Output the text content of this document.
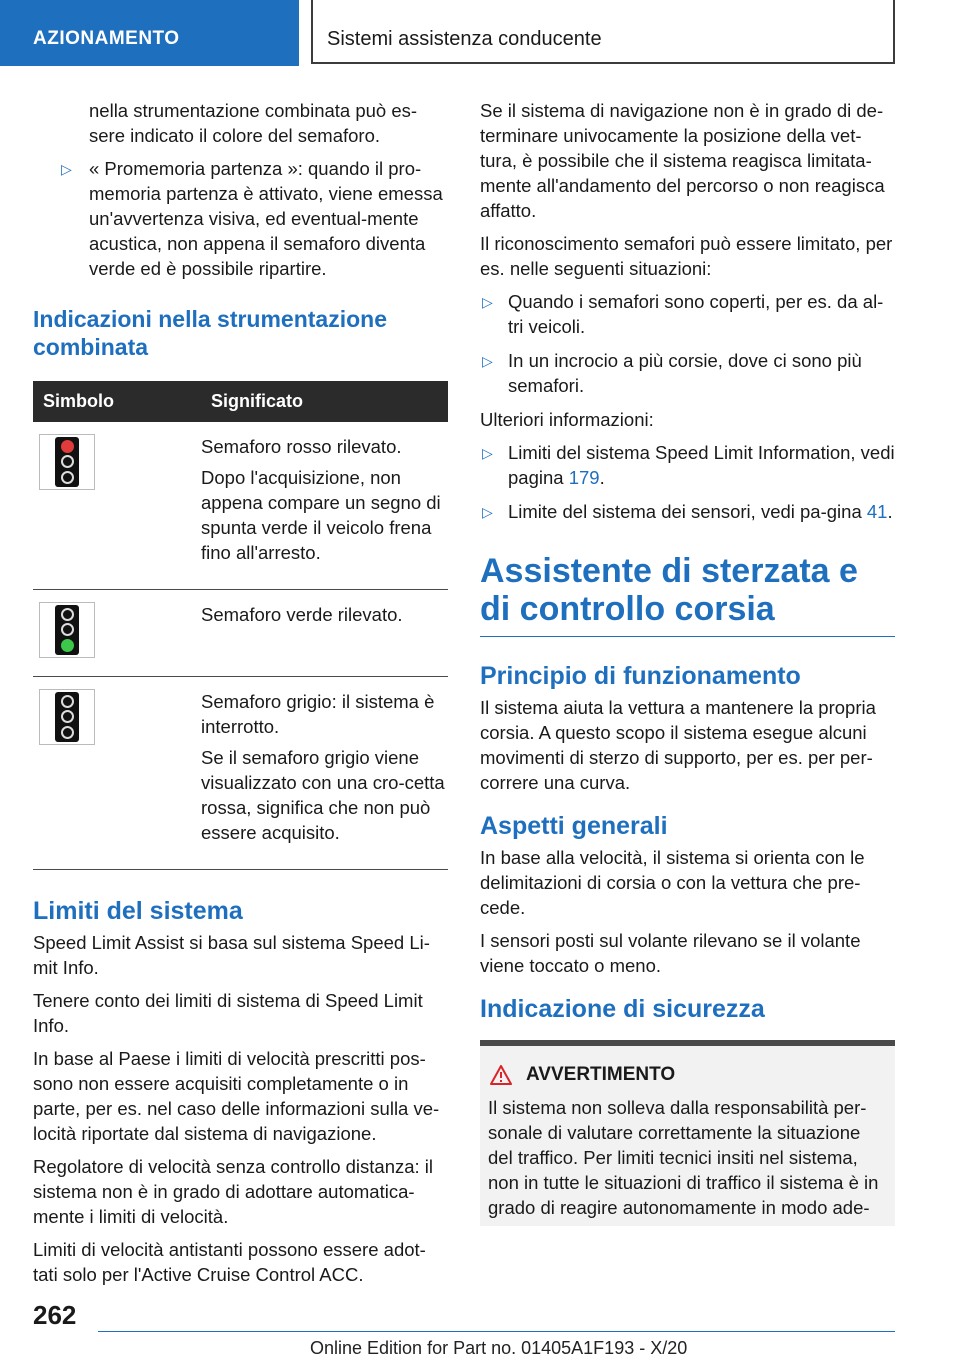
AZIONAMENTO	Sistemi assistenza conducente

nella strumentazione combinata può es-sere indicato il colore del semaforo.

▷ « Promemoria partenza »: quando il pro-memoria partenza è attivato, viene emessa un'avvertenza visiva, ed eventual-mente acustica, non appena il semaforo diventa verde ed è possibile ripartire.
Indicazioni nella strumentazione combinata
Simbolo	Significato

	Semaforo rosso rilevato.

Dopo l'acquisizione, non appena compare un segno di spunta verde il veicolo frena fino all'arresto.

	Semaforo verde rilevato.

	Semaforo grigio: il sistema è interrotto.

Se il semaforo grigio viene visualizzato con una cro-cetta rossa, significa che non può essere acquisito.

Limiti del sistema

Speed Limit Assist si basa sul sistema Speed Li-mit Info.

Tenere conto dei limiti di sistema di Speed Limit Info.

In base al Paese i limiti di velocità prescritti pos-sono non essere acquisiti completamente o in parte, per es. nel caso delle informazioni sulla ve-locità riportate dal sistema di navigazione.

Regolatore di velocità senza controllo distanza: il sistema non è in grado di adottare automatica-mente i limiti di velocità.

Limiti di velocità antistanti possono essere adot-tati solo per l'Active Cruise Control ACC.

Se il sistema di navigazione non è in grado di de-terminare univocamente la posizione della vet-tura, è possibile che il sistema reagisca limitata-mente all'andamento del percorso o non reagisca affatto.

Il riconoscimento semafori può essere limitato, per es. nelle seguenti situazioni:

▷ Quando i semafori sono coperti, per es. da al-tri veicoli.
▷ In un incrocio a più corsie, dove ci sono più semafori.

Ulteriori informazioni:

▷ Limiti del sistema Speed Limit Information, vedi pagina 179.
▷ Limite del sistema dei sensori, vedi pa-gina 41.
Assistente di sterzata e di controllo corsia
Principio di funzionamento

Il sistema aiuta la vettura a mantenere la propria corsia. A questo scopo il sistema esegue alcuni movimenti di sterzo di supporto, per es. per per-correre una curva.

Aspetti generali

In base alla velocità, il sistema si orienta con le delimitazioni di corsia o con la vettura che pre-cede.

I sensori posti sul volante rilevano se il volante viene toccato o meno.

Indicazione di sicurezza
AVVERTIMENTO
Il sistema non solleva dalla responsabilità per-sonale di valutare correttamente la situazione del traffico. Per limiti tecnici insiti nel sistema, non in tutte le situazioni di traffico il sistema è in grado di reagire autonomamente in modo ade-
262
Online Edition for Part no. 01405A1F193 - X/20
